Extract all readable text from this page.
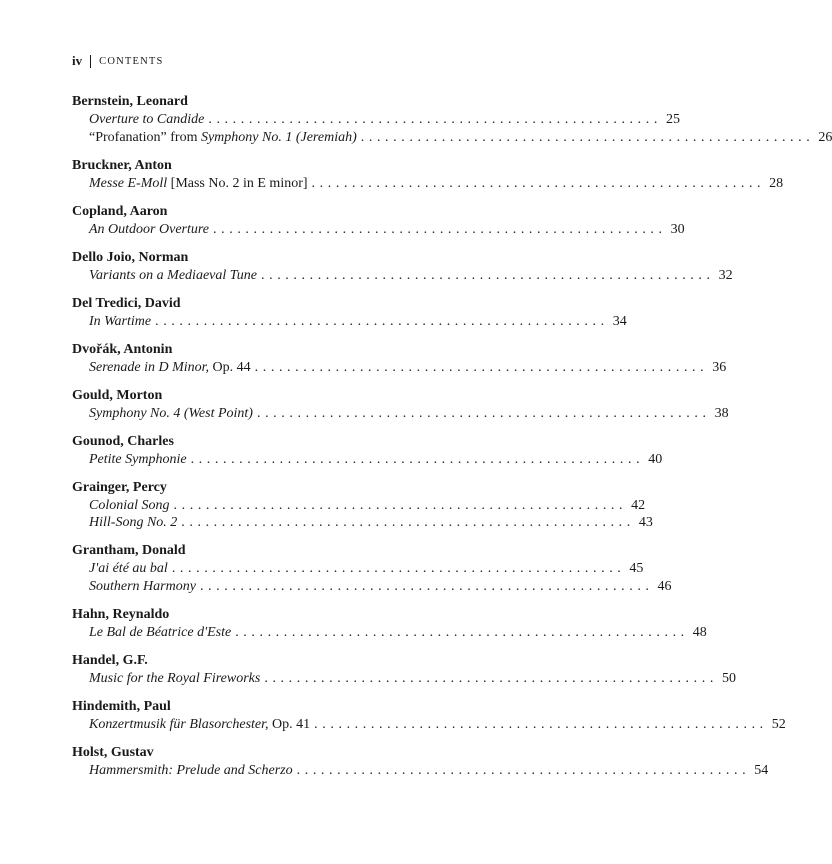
iv CONTENTS
Bernstein, Leonard
Overture to Candide ........................................................ 25
“Profanation” from Symphony No. 1 (Jeremiah) ........................................................ 26
Bruckner, Anton
Messe E-Moll [Mass No. 2 in E minor] ........................................................ 28
Copland, Aaron
An Outdoor Overture ........................................................ 30
Dello Joio, Norman
Variants on a Mediaeval Tune ........................................................ 32
Del Tredici, David
In Wartime ........................................................ 34
Dvořák, Antonin
Serenade in D Minor, Op. 44 ........................................................ 36
Gould, Morton
Symphony No. 4 (West Point) ........................................................ 38
Gounod, Charles
Petite Symphonie ........................................................ 40
Grainger, Percy
Colonial Song ........................................................ 42
Hill-Song No. 2 ........................................................ 43
Grantham, Donald
J'ai été au bal ........................................................ 45
Southern Harmony ........................................................ 46
Hahn, Reynaldo
Le Bal de Béatrice d'Este ........................................................ 48
Handel, G.F.
Music for the Royal Fireworks ........................................................ 50
Hindemith, Paul
Konzertmusik für Blasorchester, Op. 41 ........................................................ 52
Holst, Gustav
Hammersmith: Prelude and Scherzo ........................................................ 54
